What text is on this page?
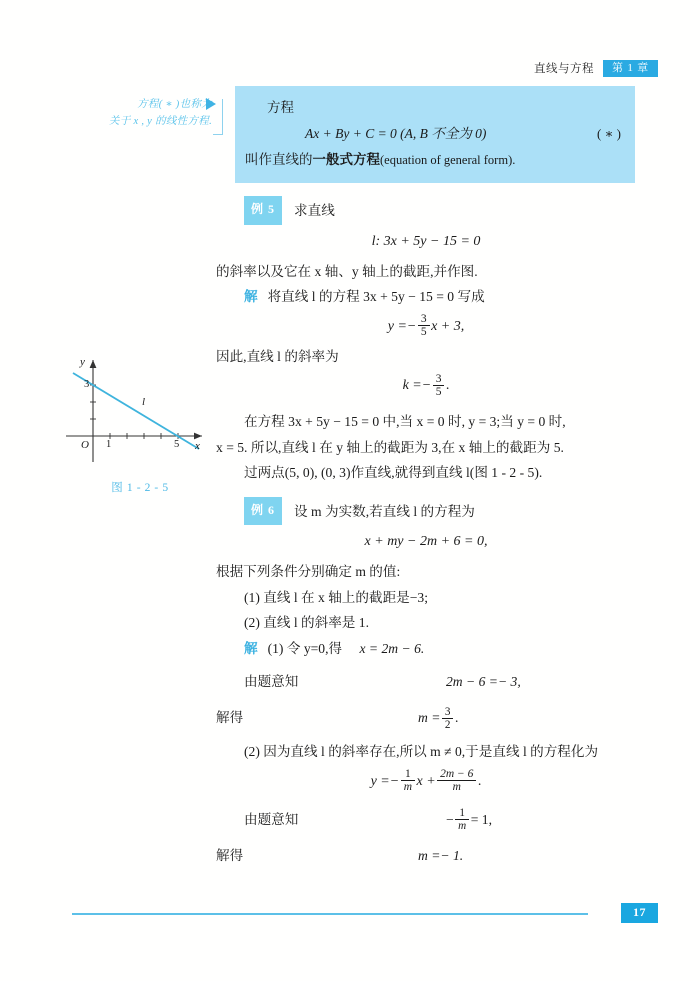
直线与方程	第 1 章
方程( ∗ )也称为
关于 x , y 的线性方程.
方程
Ax + By + C = 0 (A, B 不全为 0)	( ∗ )
叫作直线的一般式方程(equation of general form).
y
x
O 1	5
3
l
图 1 - 2 - 5
例 5 求直线
l: 3x + 5y − 15 = 0
的斜率以及它在 x 轴、y 轴上的截距,并作图.
解 将直线 l 的方程 3x + 5y − 15 = 0 写成
$y =- \frac{3}{5}$ x + 3,
因此,直线 l 的斜率为
$k =- \frac{3}{5}$ .
在方程 3x + 5y − 15 = 0 中,当 x = 0 时, y = 3;当 y = 0 时,
x = 5. 所以,直线 l 在 y 轴上的截距为 3,在 x 轴上的截距为 5.
过两点(5, 0), (0, 3)作直线,就得到直线 l(图 1 - 2 - 5).
例 6 设 m 为实数,若直线 l 的方程为
x + my − 2m + 6 = 0,
根据下列条件分别确定 m 的值:
(1) 直线 l 在 x 轴上的截距是−3;
(2) 直线 l 的斜率是 1.
解 (1) 令 y=0,得 x = 2m − 6.
由题意知	2m − 6 =− 3,
解得	$m = \frac{3}{2}$ .
(2) 因为直线 l 的斜率存在,所以 m ≠ 0,于是直线 l 的方程化为
$y =- \frac{1}{m}$ $x + \frac{2m - 6}{m}$ .
由题意知	− $\frac{1}{m} = 1$,
解得	m =− 1.
17
